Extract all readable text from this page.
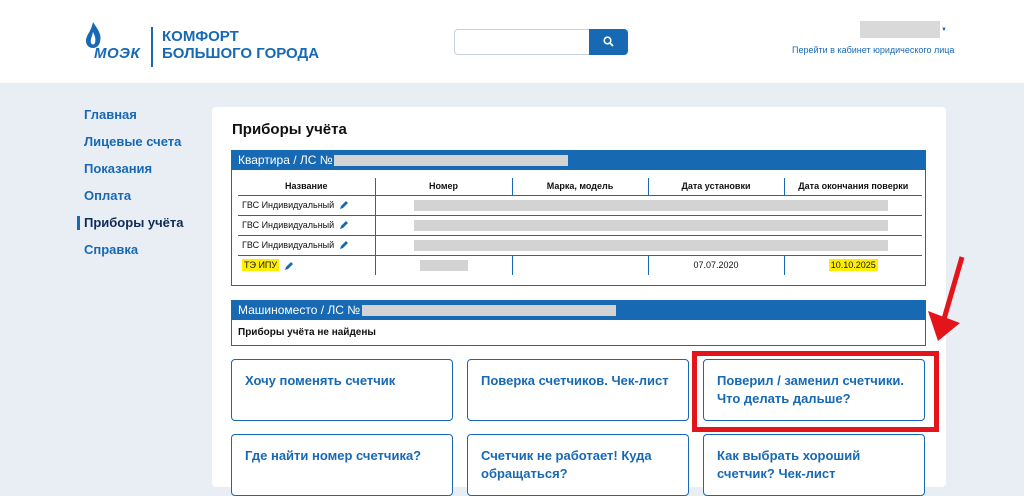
МОЭК
КОМФОРТ
БОЛЬШОГО ГОРОДА
▼
Перейти в кабинет юридического лица
Главная
Лицевые счета
Показания
Оплата
Приборы учёта
Справка
Приборы учёта
Квартира / ЛС №
Название	Номер	Марка, модель	Дата установки	Дата окончания поверки
ГВС Индивидуальный				

ГВС Индивидуальный				

ГВС Индивидуальный				

ТЭ ИПУ			07.07.2020	10.10.2025
Машиноместо / ЛС №
Приборы учёта не найдены
Хочу поменять счетчик	Поверка счетчиков. Чек-лист	Поверил / заменил счетчики. Что делать дальше?
Где найти номер счетчика?	Счетчик не работает! Куда обращаться?
Как выбрать хороший счетчик? Чек-лист
